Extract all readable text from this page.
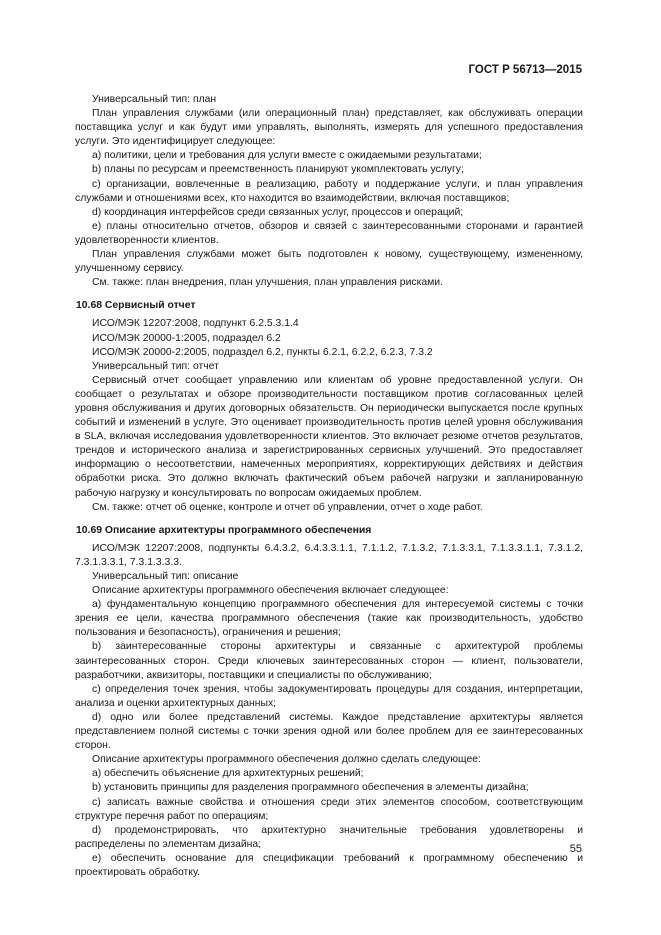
ГОСТ Р 56713—2015

Универсальный тип: план

План управления службами (или операционный план) представляет, как обслуживать операции поставщика услуг и как будут ими управлять, выполнять, измерять для успешного предоставления услуги. Это идентифицирует следующее:

a) политики, цели и требования для услуги вместе с ожидаемыми результатами;

b) планы по ресурсам и преемственность планируют укомплектовать услугу;

c) организации, вовлеченные в реализацию, работу и поддержание услуги, и план управления службами и отношениями всех, кто находится во взаимодействии, включая поставщиков;

d) координация интерфейсов среди связанных услуг, процессов и операций;

e) планы относительно отчетов, обзоров и связей с заинтересованными сторонами и гарантией удовлетворенности клиентов.

План управления службами может быть подготовлен к новому, существующему, измененному, улучшенному сервису.

См. также: план внедрения, план улучшения, план управления рисками.

10.68 Сервисный отчет

ИСО/МЭК 12207:2008, подпункт 6.2.5.3.1.4

ИСО/МЭК 20000-1:2005, подраздел 6.2

ИСО/МЭК 20000-2:2005, подраздел 6.2, пункты 6.2.1, 6.2.2, 6.2.3, 7.3.2

Универсальный тип: отчет

Сервисный отчет сообщает управлению или клиентам об уровне предоставленной услуги. Он сообщает о результатах и обзоре производительности поставщиком против согласованных целей уровня обслуживания и других договорных обязательств. Он периодически выпускается после крупных событий и изменений в услуге. Это оценивает производительность против целей уровня обслуживания в SLA, включая исследования удовлетворенности клиентов. Это включает резюме отчетов результатов, трендов и исторического анализа и зарегистрированных сервисных улучшений. Это предоставляет информацию о несоответствии, намеченных мероприятиях, корректирующих действиях и действия обработки риска. Это должно включать фактический объем рабочей нагрузки и запланированную рабочую нагрузку и консультировать по вопросам ожидаемых проблем.

См. также: отчет об оценке, контроле и отчет об управлении, отчет о ходе работ.

10.69 Описание архитектуры программного обеспечения

ИСО/МЭК 12207:2008, подпункты 6.4.3.2, 6.4.3.3.1.1, 7.1.1.2, 7.1.3.2, 7.1.3.3.1, 7.1.3.3.1.1, 7.3.1.2, 7.3.1.3.3.1, 7.3.1.3.3.3.

Универсальный тип: описание

Описание архитектуры программного обеспечения включает следующее:

a) фундаментальную концепцию программного обеспечения для интересуемой системы с точки зрения ее цели, качества программного обеспечения (такие как производительность, удобство пользования и безопасность), ограничения и решения;

b) заинтересованные стороны архитектуры и связанные с архитектурой проблемы заинтересованных сторон. Среди ключевых заинтересованных сторон — клиент, пользователи, разработчики, аквизиторы, поставщики и специалисты по обслуживанию;

c) определения точек зрения, чтобы задокументировать процедуры для создания, интерпретации, анализа и оценки архитектурных данных;

d) одно или более представлений системы. Каждое представление архитектуры является представлением полной системы с точки зрения одной или более проблем для ее заинтересованных сторон.

Описание архитектуры программного обеспечения должно сделать следующее:

a) обеспечить объяснение для архитектурных решений;

b) установить принципы для разделения программного обеспечения в элементы дизайна;

c) записать важные свойства и отношения среди этих элементов способом, соответствующим структуре перечня работ по операциям;

d) продемонстрировать, что архитектурно значительные требования удовлетворены и распределены по элементам дизайна;

e) обеспечить основание для спецификации требований к программному обеспечению и проектировать обработку.

55
